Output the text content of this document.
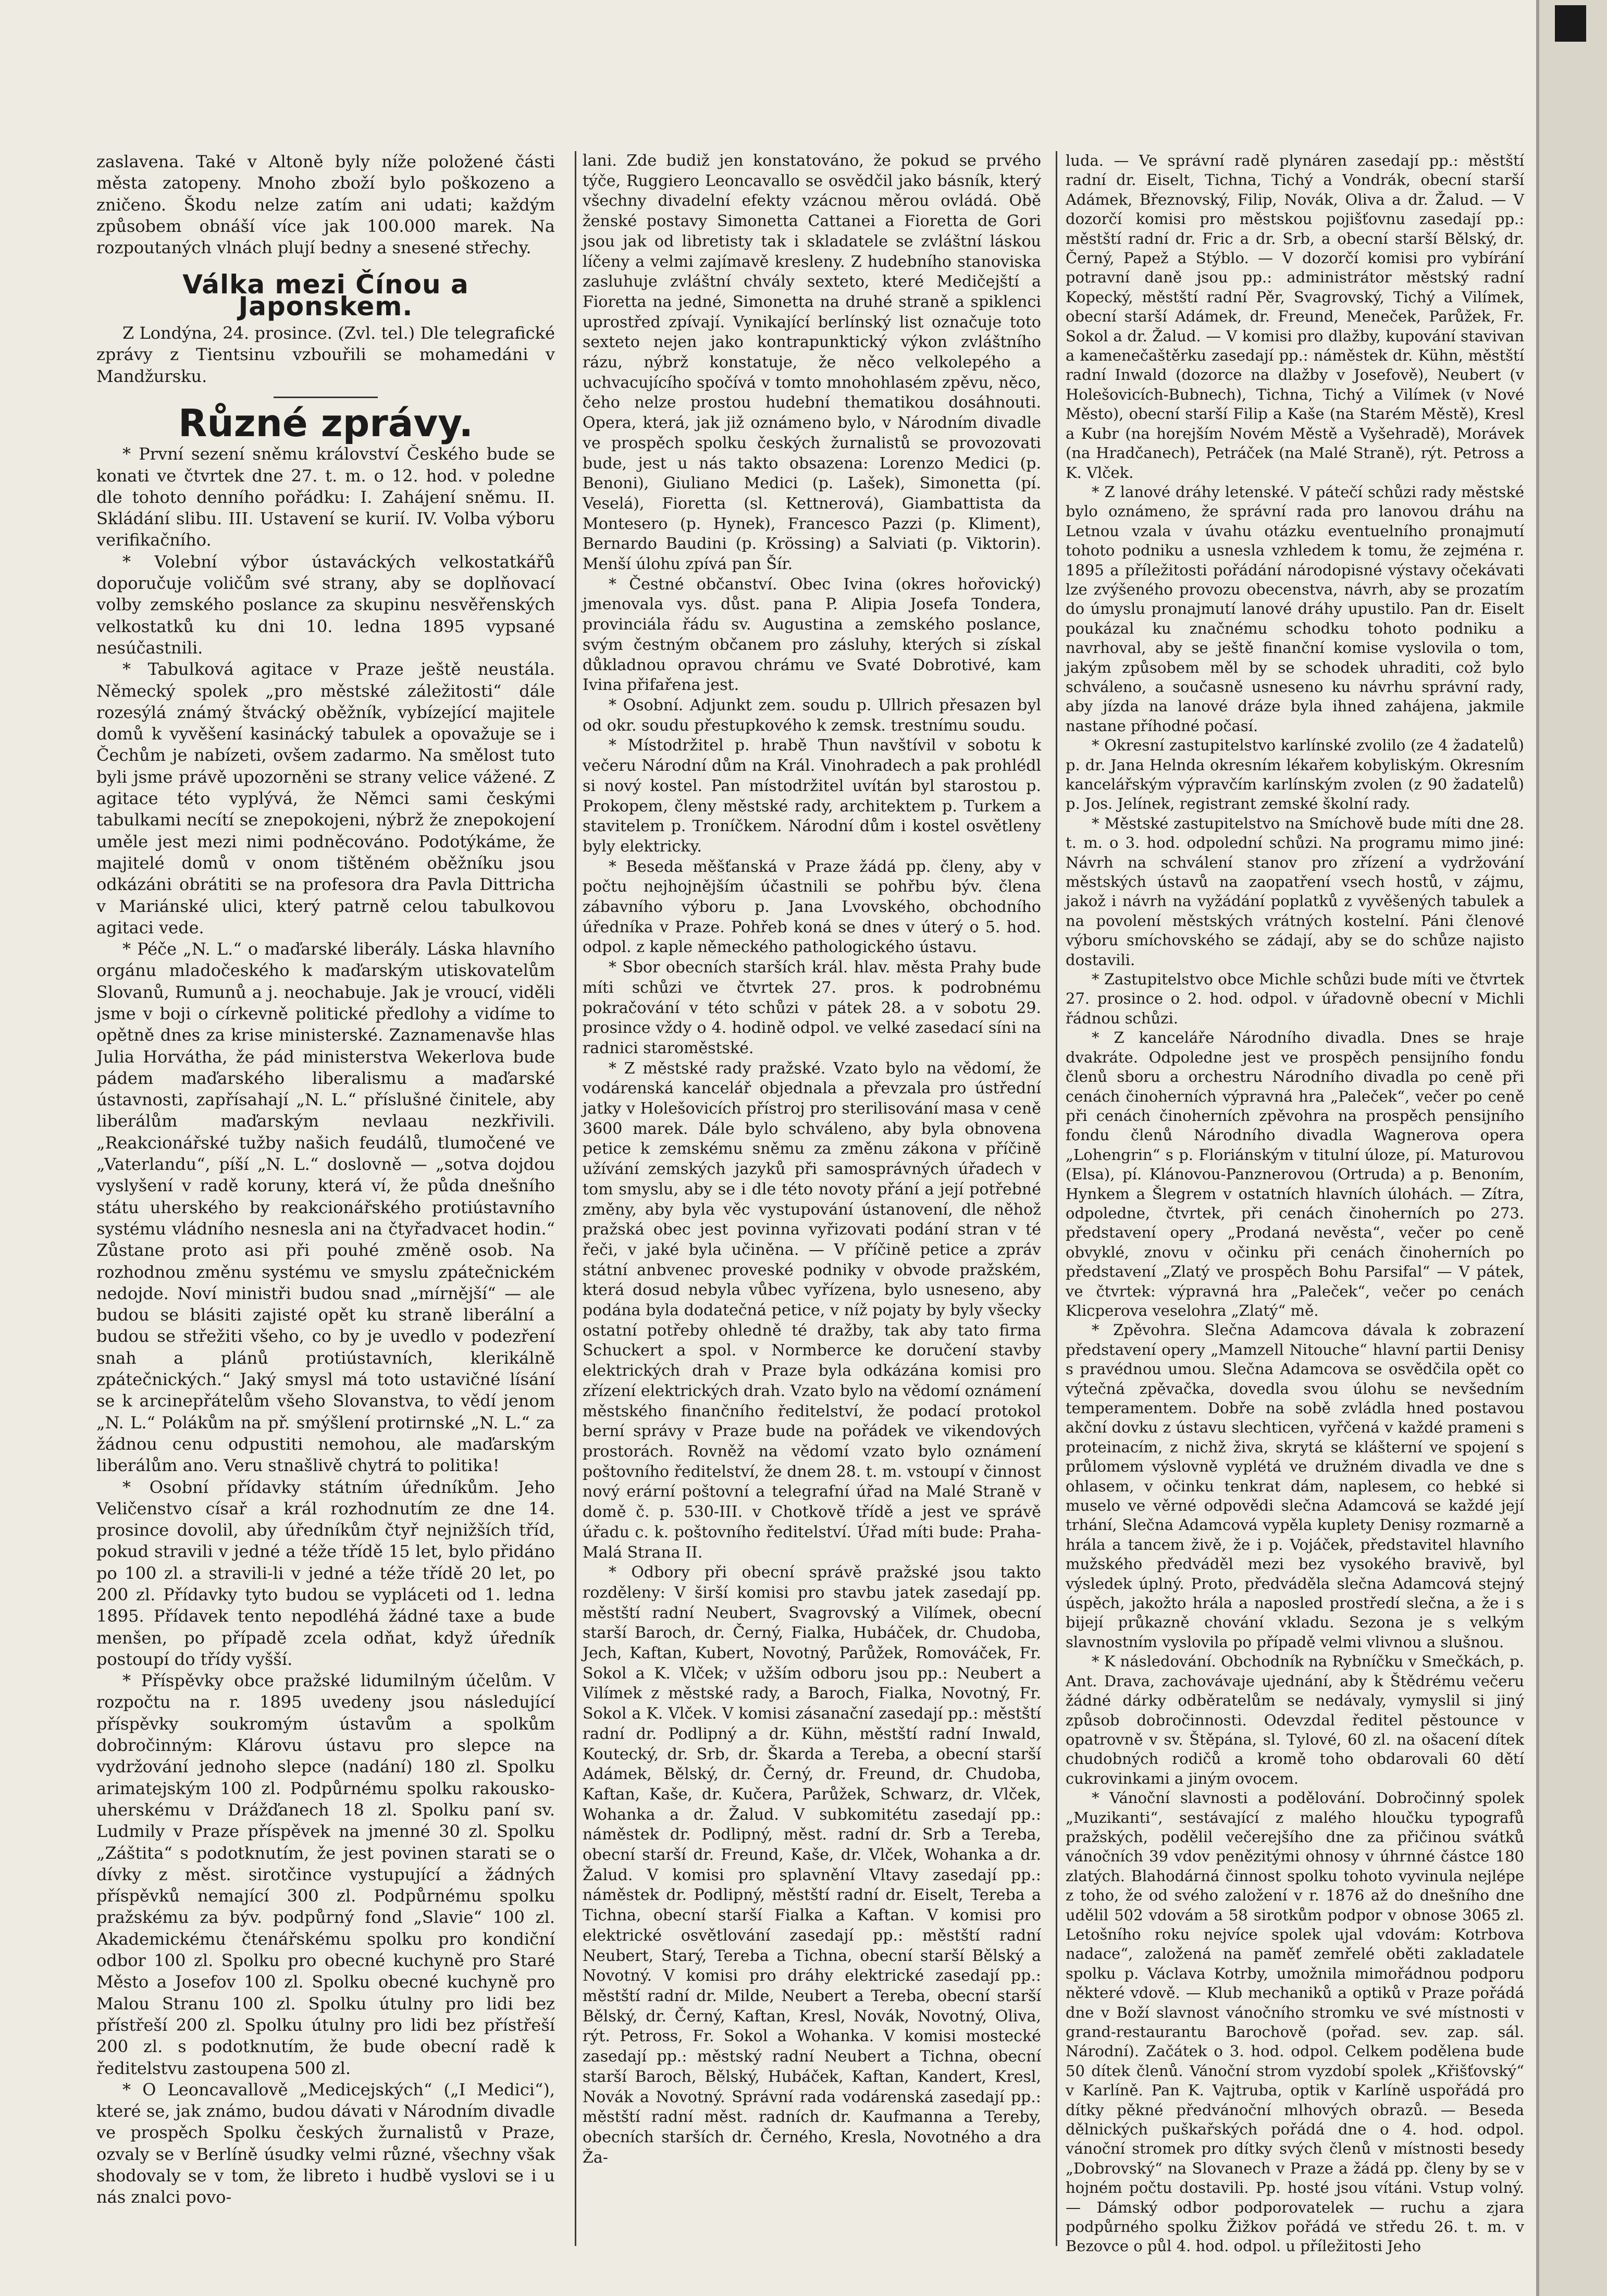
zaslavena. Také v Altoně byly níže položené části města zatopeny. Mnoho zboží bylo poškozeno a zničeno. Škodu nelze zatím ani udati; každým způsobem obnáší více jak 100.000 marek. Na rozpoutaných vlnách plují bedny a snesené střechy.

Válka mezi Čínou a Japonskem.

Z Londýna, 24. prosince. (Zvl. tel.) Dle telegrafické zprávy z Tientsinu vzbouřili se mohamedáni v Mandžursku.

Různé zprávy.

* První sezení sněmu království Českého bude se konati ve čtvrtek dne 27. t. m. o 12. hod. v poledne dle tohoto denního pořádku: I. Zahájení sněmu. II. Skládání slibu. III. Ustavení se kurií. IV. Volba výboru verifikačního.

* Volební výbor ústaváckých velkostatkářů doporučuje voličům své strany, aby se doplňovací volby zemského poslance za skupinu nesvěřenských velkostatků ku dni 10. ledna 1895 vypsané nesúčastnili.

* Tabulková agitace v Praze ještě neustála. Německý spolek „pro městské záležitosti“ dále rozesýlá známý štvácký oběžník, vybízející majitele domů k vyvěšení kasinácký tabulek a opovažuje se i Čechům je nabízeti, ovšem zadarmo. Na smělost tuto byli jsme právě upozorněni se strany velice vážené. Z agitace této vyplývá, že Němci sami českými tabulkami necítí se znepokojeni, nýbrž že znepokojení uměle jest mezi nimi podněcováno. Podotýkáme, že majitelé domů v onom tištěném oběžníku jsou odkázáni obrátiti se na profesora dra Pavla Dittricha v Mariánské ulici, který patrně celou tabulkovou agitaci vede.

* Péče „N. L.“ o maďarské liberály. Láska hlavního orgánu mladočeského k maďarským utiskovatelům Slovanů, Rumunů a j. neochabuje. Jak je vroucí, viděli jsme v boji o církevně politické předlohy a vidíme to opětně dnes za krise ministerské. Zaznamenavše hlas Julia Horvátha, že pád ministerstva Wekerlova bude pádem maďarského liberalismu a maďarské ústavnosti, zapřísahají „N. L.“ příslušné činitele, aby liberálům maďarským nevlaau nezkřivili. „Reakcionářské tužby našich feudálů, tlumočené ve „Vaterlandu“, píší „N. L.“ doslovně — „sotva dojdou vyslyšení v radě koruny, která ví, že půda dnešního státu uherského by reakcionářského protiústavního systému vládního nesnesla ani na čtyřadvacet hodin.“ Zůstane proto asi při pouhé změně osob. Na rozhodnou změnu systému ve smyslu zpátečnickém nedojde. Noví ministři budou snad „mírnější“ — ale budou se blásiti zajisté opět ku straně liberální a budou se střežiti všeho, co by je uvedlo v podezření snah a plánů protiústavních, klerikálně zpátečnických.“ Jaký smysl má toto ustavičné lísání se k arcinepřátelům všeho Slovanstva, to vědí jenom „N. L.“ Polákům na př. smýšlení protirnské „N. L.“ za žádnou cenu odpustiti nemohou, ale maďarským liberálům ano. Veru stnašlivě chytrá to politika!

* Osobní přídavky státním úředníkům. Jeho Veličenstvo císař a král rozhodnutím ze dne 14. prosince dovolil, aby úředníkům čtyř nejnižších tříd, pokud stravili v jedné a téže třídě 15 let, bylo přidáno po 100 zl. a stravili-li v jedné a téže třídě 20 let, po 200 zl. Přídavky tyto budou se vypláceti od 1. ledna 1895. Přídavek tento nepodléhá žádné taxe a bude menšen, po případě zcela odňat, když úředník postoupí do třídy vyšší.

* Příspěvky obce pražské lidumilným účelům. V rozpočtu na r. 1895 uvedeny jsou následující příspěvky soukromým ústavům a spolkům dobročinným: Klárovu ústavu pro slepce na vydržování jednoho slepce (nadání) 180 zl. Spolku arimatejským 100 zl. Podpůrnému spolku rakousko-uherskému v Drážďanech 18 zl. Spolku paní sv. Ludmily v Praze příspěvek na jmenné 30 zl. Spolku „Záštita“ s podotknutím, že jest povinen starati se o dívky z měst. sirotčince vystupující a žádných příspěvků nemající 300 zl. Podpůrnému spolku pražskému za býv. podpůrný fond „Slavie“ 100 zl. Akademickému čtenářskému spolku pro kondiční odbor 100 zl. Spolku pro obecné kuchyně pro Staré Město a Josefov 100 zl. Spolku obecné kuchyně pro Malou Stranu 100 zl. Spolku útulny pro lidi bez přístřeší 200 zl. Spolku útulny pro lidi bez přístřeší 200 zl. s podotknutím, že bude obecní radě k ředitelstvu zastoupena 500 zl.

* O Leoncavallově „Medicejských“ („I Medici“), které se, jak známo, budou dávati v Národním divadle ve prospěch Spolku českých žurnalistů v Praze, ozvaly se v Berlíně úsudky velmi různé, všechny však shodovaly se v tom, že libreto i hudbě vyslovi se i u nás znalci povo-

lani. Zde budiž jen konstatováno, že pokud se prvého týče, Ruggiero Leoncavallo se osvědčil jako básník, který všechny divadelní efekty vzácnou měrou ovládá. Obě ženské postavy Simonetta Cattanei a Fioretta de Gori jsou jak od libretisty tak i skladatele se zvláštní láskou líčeny a velmi zajímavě kresleny. Z hudebního stanoviska zasluhuje zvláštní chvály sexteto, které Medičejští a Fioretta na jedné, Simonetta na druhé straně a spiklenci uprostřed zpívají. Vynikající berlínský list označuje toto sexteto nejen jako kontrapunktický výkon zvláštního rázu, nýbrž konstatuje, že něco velkolepého a uchvacujícího spočívá v tomto mnohohlasém zpěvu, něco, čeho nelze prostou hudební thematikou dosáhnouti. Opera, která, jak již oznámeno bylo, v Národním divadle ve prospěch spolku českých žurnalistů se provozovati bude, jest u nás takto obsazena: Lorenzo Medici (p. Benoni), Giuliano Medici (p. Lašek), Simonetta (pí. Veselá), Fioretta (sl. Kettnerová), Giambattista da Montesero (p. Hynek), Francesco Pazzi (p. Kliment), Bernardo Baudini (p. Krössing) a Salviati (p. Viktorin). Menší úlohu zpívá pan Šír.

* Čestné občanství. Obec Ivina (okres hořovický) jmenovala vys. důst. pana P. Alipia Josefa Tondera, provinciála řádu sv. Augustina a zemského poslance, svým čestným občanem pro zásluhy, kterých si získal důkladnou opravou chrámu ve Svaté Dobrotivé, kam Ivina přifařena jest.

* Osobní. Adjunkt zem. soudu p. Ullrich přesazen byl od okr. soudu přestupkového k zemsk. trestnímu soudu.

* Místodržitel p. hrabě Thun navštívil v sobotu k večeru Národní dům na Král. Vinohradech a pak prohlédl si nový kostel. Pan místodržitel uvítán byl starostou p. Prokopem, členy městské rady, architektem p. Turkem a stavitelem p. Troníčkem. Národní dům i kostel osvětleny byly elektricky.

* Beseda měšťanská v Praze žádá pp. členy, aby v počtu nejhojnějším účastnili se pohřbu býv. člena zábavního výboru p. Jana Lvovského, obchodního úředníka v Praze. Pohřeb koná se dnes v úterý o 5. hod. odpol. z kaple německého pathologického ústavu.

* Sbor obecních starších král. hlav. města Prahy bude míti schůzi ve čtvrtek 27. pros. k podrobnému pokračování v této schůzi v pátek 28. a v sobotu 29. prosince vždy o 4. hodině odpol. ve velké zasedací síni na radnici staroměstské.

* Z městské rady pražské. Vzato bylo na vědomí, že vodárenská kancelář objednala a převzala pro ústřední jatky v Holešovicích přístroj pro sterilisování masa v ceně 3600 marek. Dále bylo schváleno, aby byla obnovena petice k zemskému sněmu za změnu zákona v příčině užívání zemských jazyků při samosprávných úřadech v tom smyslu, aby se i dle této novoty přání a její potřebné změny, aby byla věc vystupování ústanovení, dle něhož pražská obec jest povinna vyřizovati podání stran v té řeči, v jaké byla učiněna. — V příčině petice a zpráv státní anbvenec proveské podniky v obvode pražském, která dosud nebyla vůbec vyřízena, bylo usneseno, aby podána byla dodatečná petice, v níž pojaty by byly všecky ostatní potřeby ohledně té dražby, tak aby tato firma Schuckert a spol. v Normberce ke doručení stavby elektrických drah v Praze byla odkázána komisi pro zřízení elektrických drah. Vzato bylo na vědomí oznámení městského finančního ředitelství, že podací protokol berní správy v Praze bude na pořádek ve vikendových prostorách. Rovněž na vědomí vzato bylo oznámení poštovního ředitelství, že dnem 28. t. m. vstoupí v činnost nový erární poštovní a telegrafní úřad na Malé Straně v domě č. p. 530-III. v Chotkově třídě a jest ve správě úřadu c. k. poštovního ředitelství. Úřad míti bude: Praha-Malá Strana II.

* Odbory při obecní správě pražské jsou takto rozděleny: V širší komisi pro stavbu jatek zasedají pp. městští radní Neubert, Svagrovský a Vilímek, obecní starší Baroch, dr. Černý, Fialka, Hubáček, dr. Chudoba, Jech, Kaftan, Kubert, Novotný, Parůžek, Romováček, Fr. Sokol a K. Vlček; v užším odboru jsou pp.: Neubert a Vilímek z městské rady, a Baroch, Fialka, Novotný, Fr. Sokol a K. Vlček. V komisi zásanační zasedají pp.: městští radní dr. Podlipný a dr. Kühn, městští radní Inwald, Koutecký, dr. Srb, dr. Škarda a Tereba, a obecní starší Adámek, Bělský, dr. Černý, dr. Freund, dr. Chudoba, Kaftan, Kaše, dr. Kučera, Parůžek, Schwarz, dr. Vlček, Wohanka a dr. Žalud. V subkomitétu zasedají pp.: náměstek dr. Podlipný, měst. radní dr. Srb a Tereba, obecní starší dr. Freund, Kaše, dr. Vlček, Wohanka a dr. Žalud. V komisi pro splavnění Vltavy zasedají pp.: náměstek dr. Podlipný, městští radní dr. Eiselt, Tereba a Tichna, obecní starší Fialka a Kaftan. V komisi pro elektrické osvětlování zasedají pp.: městští radní Neubert, Starý, Tereba a Tichna, obecní starší Bělský a Novotný. V komisi pro dráhy elektrické zasedají pp.: městští radní dr. Milde, Neubert a Tereba, obecní starší Bělský, dr. Černý, Kaftan, Kresl, Novák, Novotný, Oliva, rýt. Petross, Fr. Sokol a Wohanka. V komisi mostecké zasedají pp.: městský radní Neubert a Tichna, obecní starší Baroch, Bělský, Hubáček, Kaftan, Kandert, Kresl, Novák a Novotný. Správní rada vodárenská zasedají pp.: městští radní měst. radních dr. Kaufmanna a Tereby, obecních starších dr. Černého, Kresla, Novotného a dra Ža-

luda. — Ve správní radě plynáren zasedají pp.: městští radní dr. Eiselt, Tichna, Tichý a Vondrák, obecní starší Adámek, Březnovský, Filip, Novák, Oliva a dr. Žalud. — V dozorčí komisi pro městskou pojišťovnu zasedají pp.: městští radní dr. Fric a dr. Srb, a obecní starší Bělský, dr. Černý, Papež a Stýblo. — V dozorčí komisi pro vybírání potravní daně jsou pp.: administrátor městský radní Kopecký, městští radní Pěr, Svagrovský, Tichý a Vilímek, obecní starší Adámek, dr. Freund, Meneček, Parůžek, Fr. Sokol a dr. Žalud. — V komisi pro dlažby, kupování stavivan a kamenečaštěrku zasedají pp.: náměstek dr. Kühn, městští radní Inwald (dozorce na dlažby v Josefově), Neubert (v Holešovicích-Bubnech), Tichna, Tichý a Vilímek (v Nové Město), obecní starší Filip a Kaše (na Starém Městě), Kresl a Kubr (na horejším Novém Městě a Vyšehradě), Morávek (na Hradčanech), Petráček (na Malé Straně), rýt. Petross a K. Vlček.

* Z lanové dráhy letenské. V pátečí schůzi rady městské bylo oznámeno, že správní rada pro lanovou dráhu na Letnou vzala v úvahu otázku eventuelního pronajmutí tohoto podniku a usnesla vzhledem k tomu, že zejména r. 1895 a příležitosti pořádání národopisné výstavy očekávati lze zvýšeného provozu obecenstva, návrh, aby se prozatím do úmyslu pronajmutí lanové dráhy upustilo. Pan dr. Eiselt poukázal ku značnému schodku tohoto podniku a navrhoval, aby se ještě finanční komise vyslovila o tom, jakým způsobem měl by se schodek uhraditi, což bylo schváleno, a současně usneseno ku návrhu správní rady, aby jízda na lanové dráze byla ihned zahájena, jakmile nastane příhodné počasí.

* Okresní zastupitelstvo karlínské zvolilo (ze 4 žadatelů) p. dr. Jana Helnda okresním lékařem kobyliským. Okresním kancelářským výpravčím karlínským zvolen (z 90 žadatelů) p. Jos. Jelínek, registrant zemské školní rady.

* Městské zastupitelstvo na Smíchově bude míti dne 28. t. m. o 3. hod. odpolední schůzi. Na programu mimo jiné: Návrh na schválení stanov pro zřízení a vydržování městských ústavů na zaopatření vsech hostů, v zájmu, jakož i návrh na vyžádání poplatků z vyvěšených tabulek a na povolení městských vrátných kostelní. Páni členové výboru smíchovského se zádají, aby se do schůze najisto dostavili.

* Zastupitelstvo obce Michle schůzi bude míti ve čtvrtek 27. prosince o 2. hod. odpol. v úřadovně obecní v Michli řádnou schůzi.

* Z kanceláře Národního divadla. Dnes se hraje dvakráte. Odpoledne jest ve prospěch pensijního fondu členů sboru a orchestru Národního divadla po ceně při cenách činoherních výpravná hra „Paleček“, večer po ceně při cenách činoherních zpěvohra na prospěch pensijního fondu členů Národního divadla Wagnerova opera „Lohengrin“ s p. Floriánským v titulní úloze, pí. Maturovou (Elsa), pí. Klánovou-Panznerovou (Ortruda) a p. Benoním, Hynkem a Šlegrem v ostatních hlavních úlohách. — Zítra, odpoledne, čtvrtek, při cenách činoherních po 273. představení opery „Prodaná nevěsta“, večer po ceně obvyklé, znovu v očinku při cenách činoherních po představení „Zlatý ve prospěch Bohu Parsifal“ — V pátek, ve čtvrtek: výpravná hra „Paleček“, večer po cenách Klicperova veselohra „Zlatý“ mě.

* Zpěvohra. Slečna Adamcova dávala k zobrazení představení opery „Mamzell Nitouche“ hlavní partii Denisy s pravédnou umou. Slečna Adamcova se osvědčila opět co výtečná zpěvačka, dovedla svou úlohu se nevšedním temperamentem. Dobře na sobě zvládla hned postavou akční dovku z ústavu slechticen, vyřčená v každé prameni s proteinacím, z nichž živa, skrytá se klášterní ve spojení s průlomem výslovně vyplétá ve družném divadla ve dne s ohlasem, v očinku tenkrat dám, naplesem, co hebké si muselo ve věrné odpovědi slečna Adamcová se každé její trhání, Slečna Adamcová vypěla kuplety Denisy rozmarně a hrála a tancem živě, že i p. Vojáček, představitel hlavního mužského předváděl mezi bez vysokého bravivě, byl výsledek úplný. Proto, předváděla slečna Adamcová stejný úspěch, jakožto hrála a naposled prostředí slečna, a že i s bijejí průkazně chování vkladu. Sezona je s velkým slavnostním vyslovila po případě velmi vlivnou a slušnou.

* K následování. Obchodník na Rybníčku v Smečkách, p. Ant. Drava, zachovávaje ujednání, aby k Štědrému večeru žádné dárky odběratelům se nedávaly, vymyslil si jiný způsob dobročinnosti. Odevzdal ředitel pěstounce v opatrovně v sv. Štěpána, sl. Tylové, 60 zl. na ošacení dítek chudobných rodičů a kromě toho obdarovali 60 dětí cukrovinkami a jiným ovocem.

* Vánoční slavnosti a podělování. Dobročinný spolek „Muzikanti“, sestávající z malého hloučku typografů pražských, podělil večerejšího dne za přičinou svátků vánočních 39 vdov penězitými ohnosy v úhrnné částce 180 zlatých. Blahodárná činnost spolku tohoto vyvinula nejlépe z toho, že od svého založení v r. 1876 až do dnešního dne udělil 502 vdovám a 58 sirotkům podpor v obnose 3065 zl. Letošního roku nejvíce spolek ujal vdovám: Kotrbova nadace“, založená na paměť zemřelé oběti zakladatele spolku p. Václava Kotrby, umožnila mimořádnou podporu některé vdově. — Klub mechaniků a optiků v Praze pořádá dne v Boží slavnost vánočního stromku ve své místnosti v grand-restaurantu Barochově (pořad. sev. zap. sál. Národní). Začátek o 3. hod. odpol. Celkem podělena bude 50 dítek členů. Vánoční strom vyzdobí spolek „Křišťovský“ v Karlíně. Pan K. Vajtruba, optik v Karlíně uspořádá pro dítky pěkné předvánoční mlhových obrazů. — Beseda dělnických puškařských pořádá dne o 4. hod. odpol. vánoční stromek pro dítky svých členů v místnosti besedy „Dobrovský“ na Slovanech v Praze a žádá pp. členy by se v hojném počtu dostavili. Pp. hosté jsou vítáni. Vstup volný. — Dámský odbor podporovatelek — ruchu a zjara podpůrného spolku Žižkov pořádá ve středu 26. t. m. v Bezovce o půl 4. hod. odpol. u příležitosti Jeho
